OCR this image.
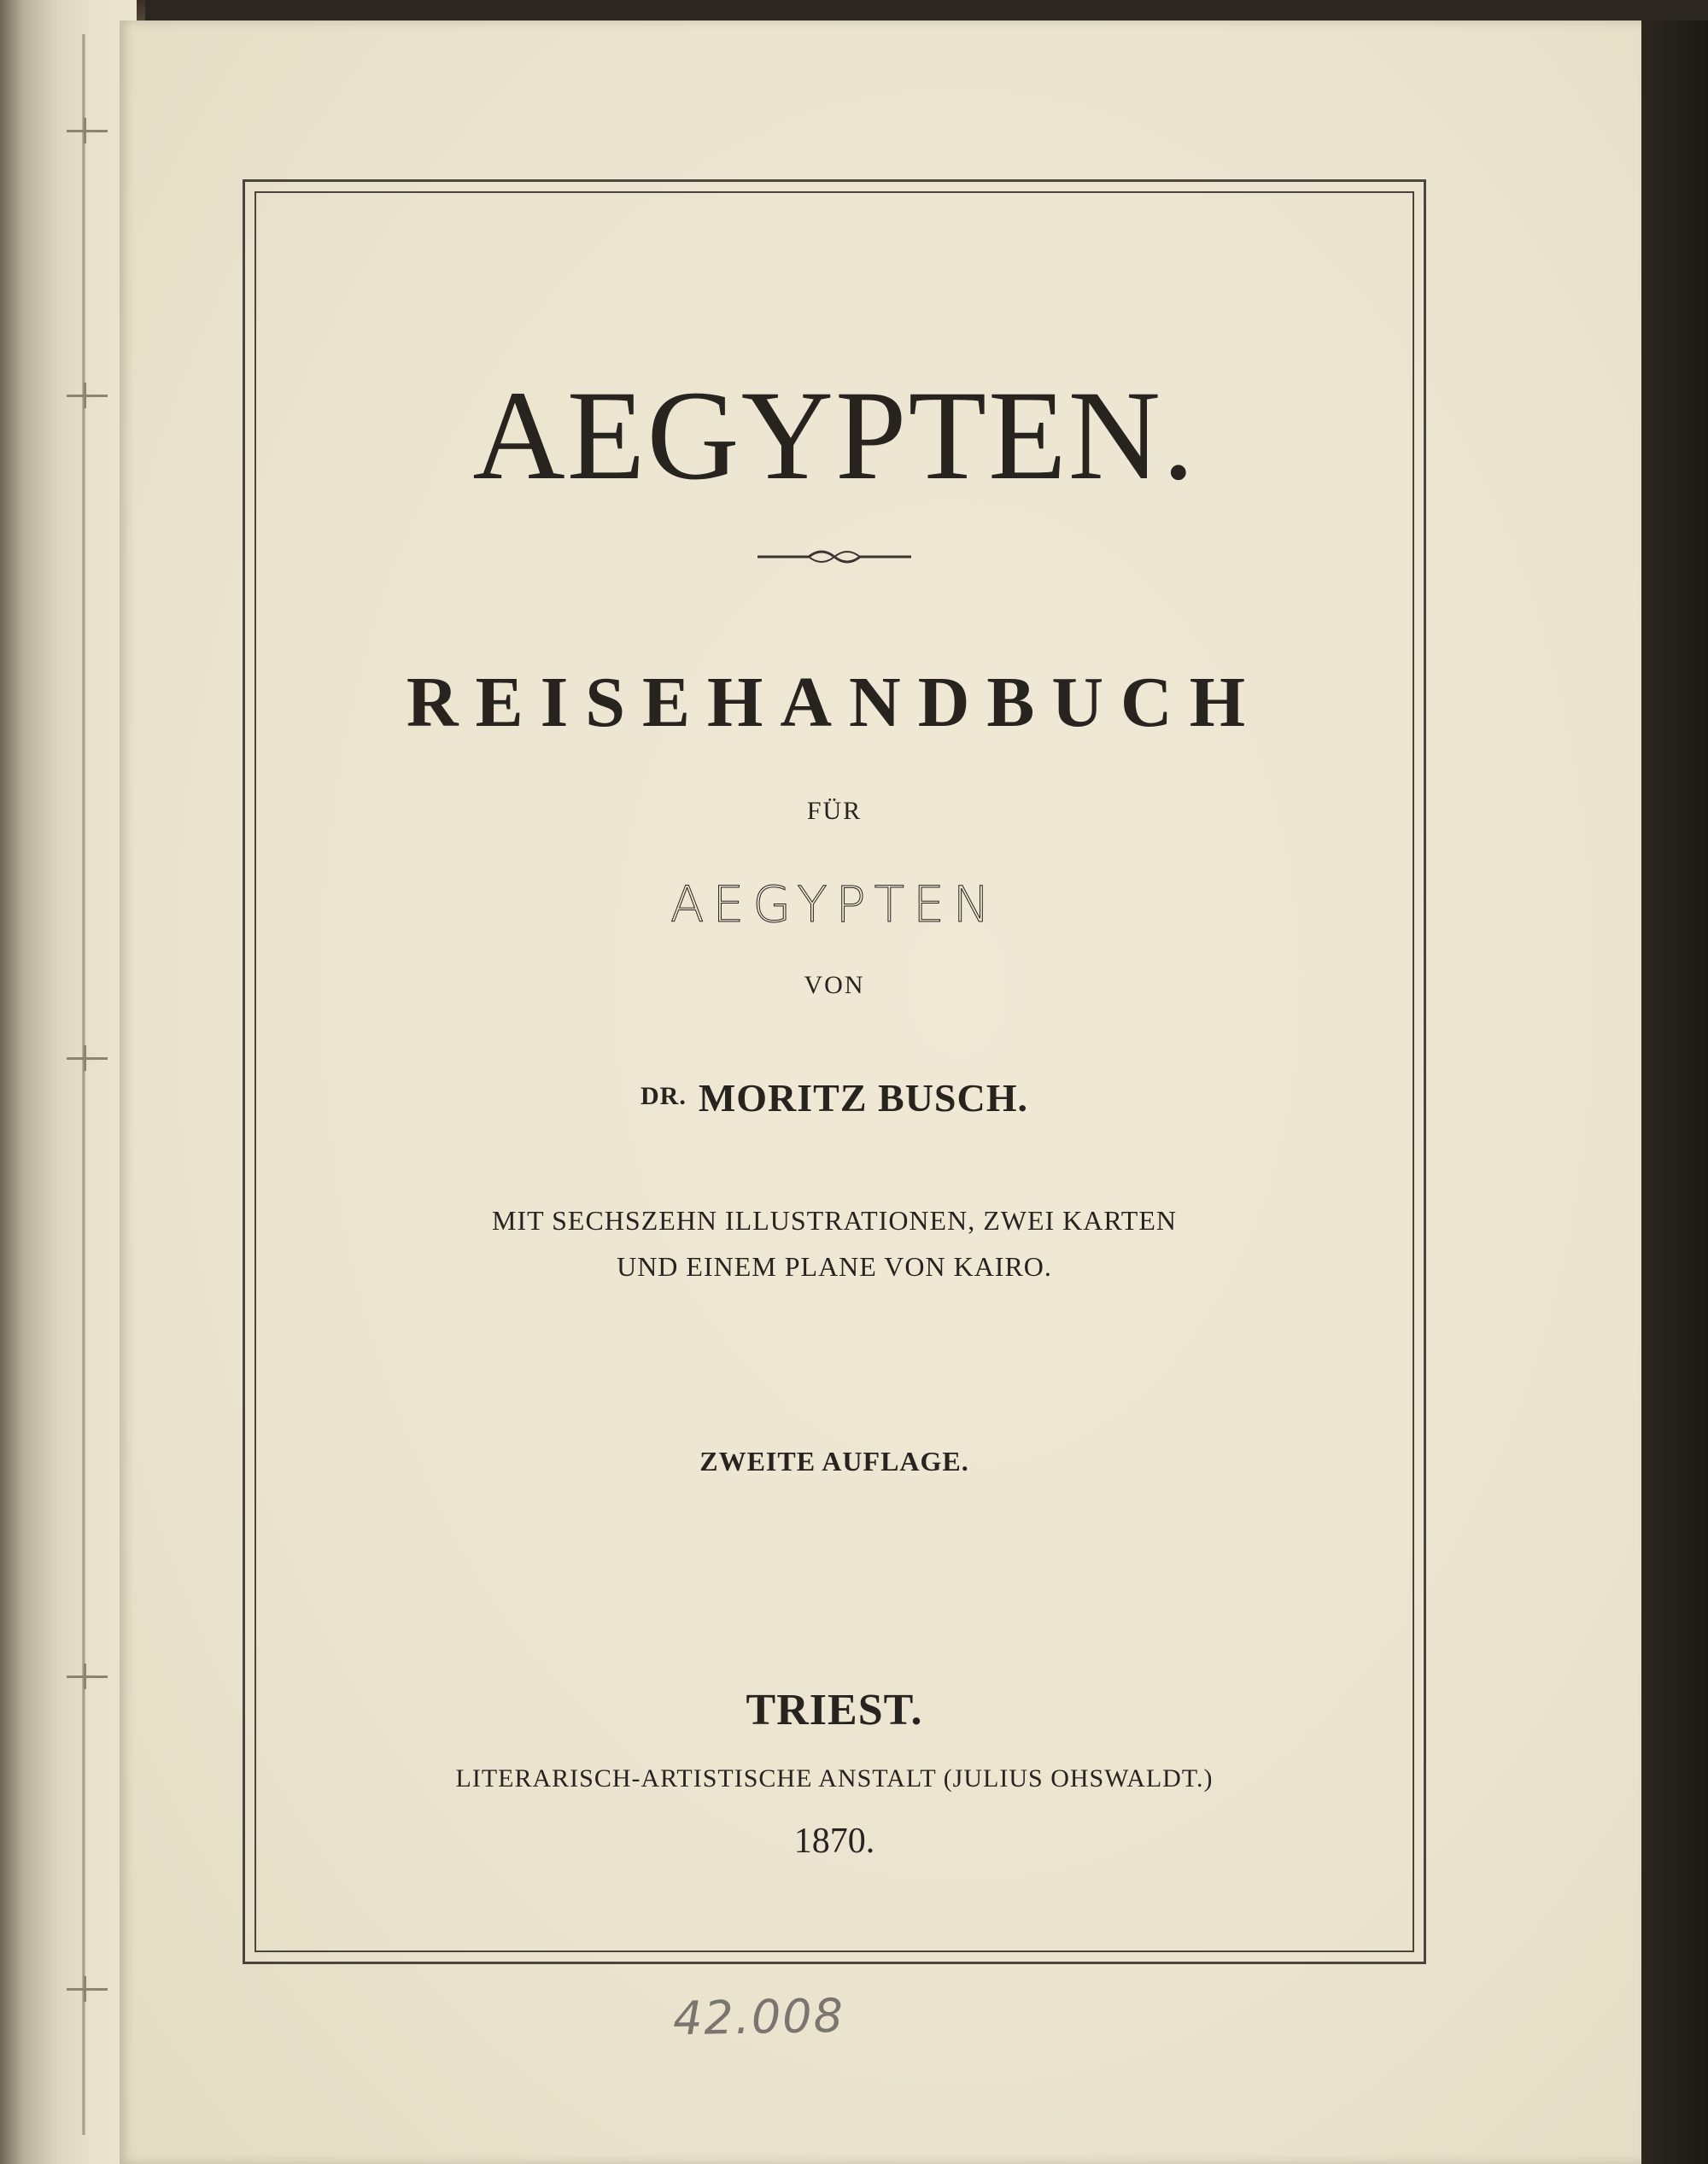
AEGYPTEN.
REISEHANDBUCH
FÜR
AEGYPTEN
VON
DR. MORITZ BUSCH.
MIT SECHSZEHN ILLUSTRATIONEN, ZWEI KARTEN
UND EINEM PLANE VON KAIRO.
ZWEITE AUFLAGE.
TRIEST.
LITERARISCH-ARTISTISCHE ANSTALT (JULIUS OHSWALDT.)
1870.
42.008
